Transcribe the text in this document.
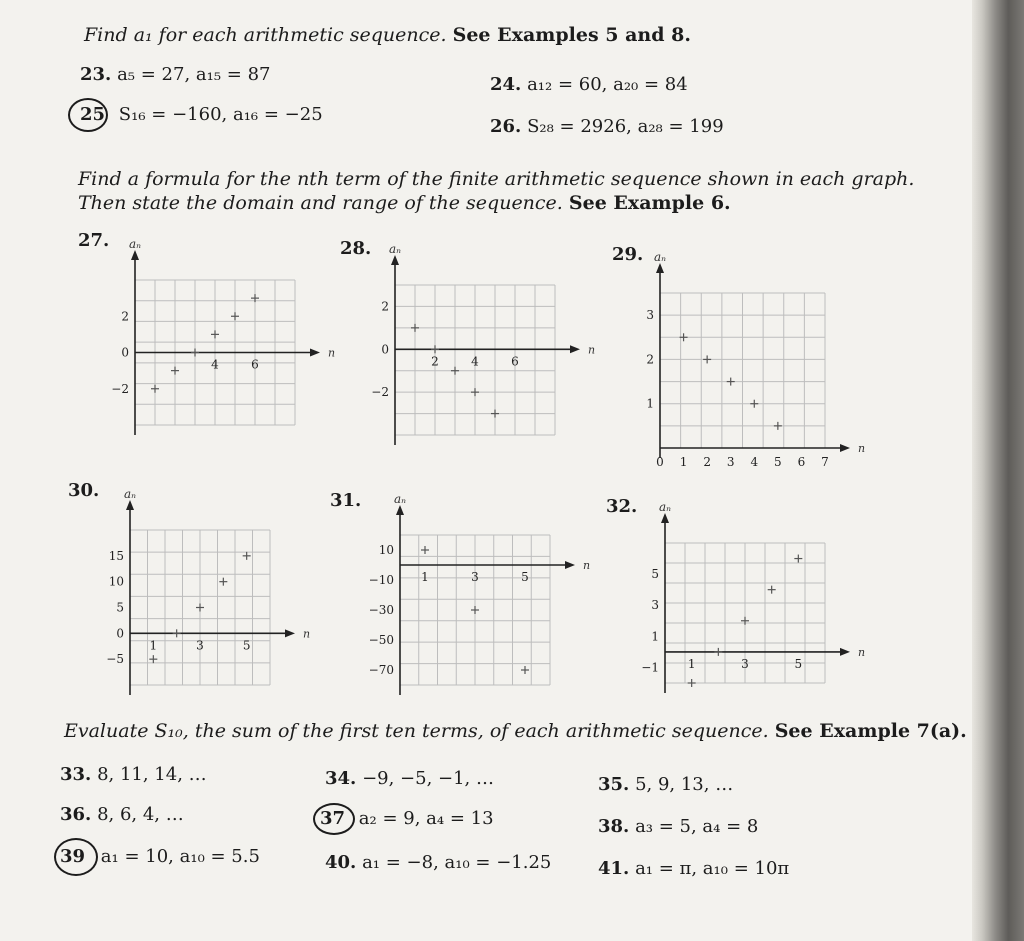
Find a₁ for each arithmetic sequence. See Examples 5 and 8.
23. a₅ = 27, a₁₅ = 87	24. a₁₂ = 60, a₂₀ = 84
25 S₁₆ = −160, a₁₆ = −25
26. S₂₈ = 2926, a₂₈ = 199
Find a formula for the nth term of the finite arithmetic sequence shown in each graph.
Then state the domain and range of the sequence. See Example 6.
27. aₙ
n
2
0
−2
4	6
28. aₙ
n
2
0
−2
2	4	6
29. aₙ
n
3
2
1
0 1 2 3 4 5 6 7
30. aₙ
n
15
10
5
0
−5
1	3	5
31.	aₙ
n
10
−10
−30
−50
−70
1	3	5
32. aₙ
n
5
3
1
−1 1	3	5
Evaluate S₁₀, the sum of the first ten terms, of each arithmetic sequence. See Example 7(a).
33. 8, 11, 14, …	34. −9, −5, −1, …	35. 5, 9, 13, …
36. 8, 6, 4, …	37 a₂ = 9, a₄ = 13	38. a₃ = 5, a₄ = 8
39 a₁ = 10, a₁₀ = 5.5	40. a₁ = −8, a₁₀ = −1.25	41. a₁ = π, a₁₀ = 10π
